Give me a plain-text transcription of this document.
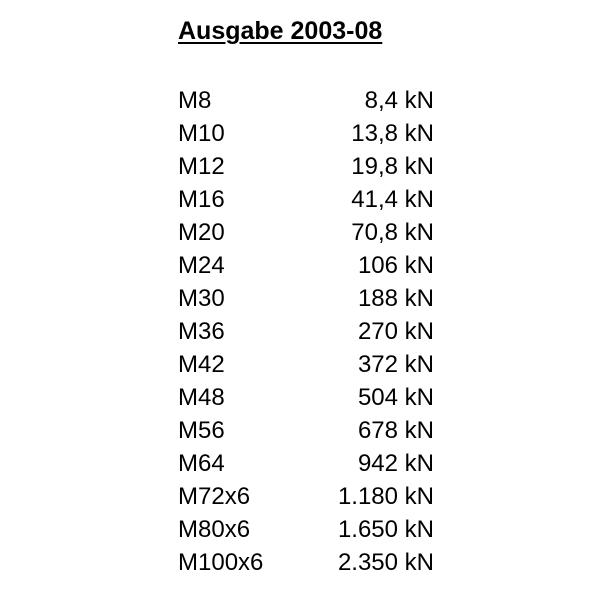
Ausgabe 2003-08
M8	8,4 kN
M10	13,8 kN
M12	19,8 kN
M16	41,4 kN
M20	70,8 kN
M24	106 kN
M30	188 kN
M36	270 kN
M42	372 kN
M48	504 kN
M56	678 kN
M64	942 kN
M72x6	1.180 kN
M80x6	1.650 kN
M100x6	2.350 kN
